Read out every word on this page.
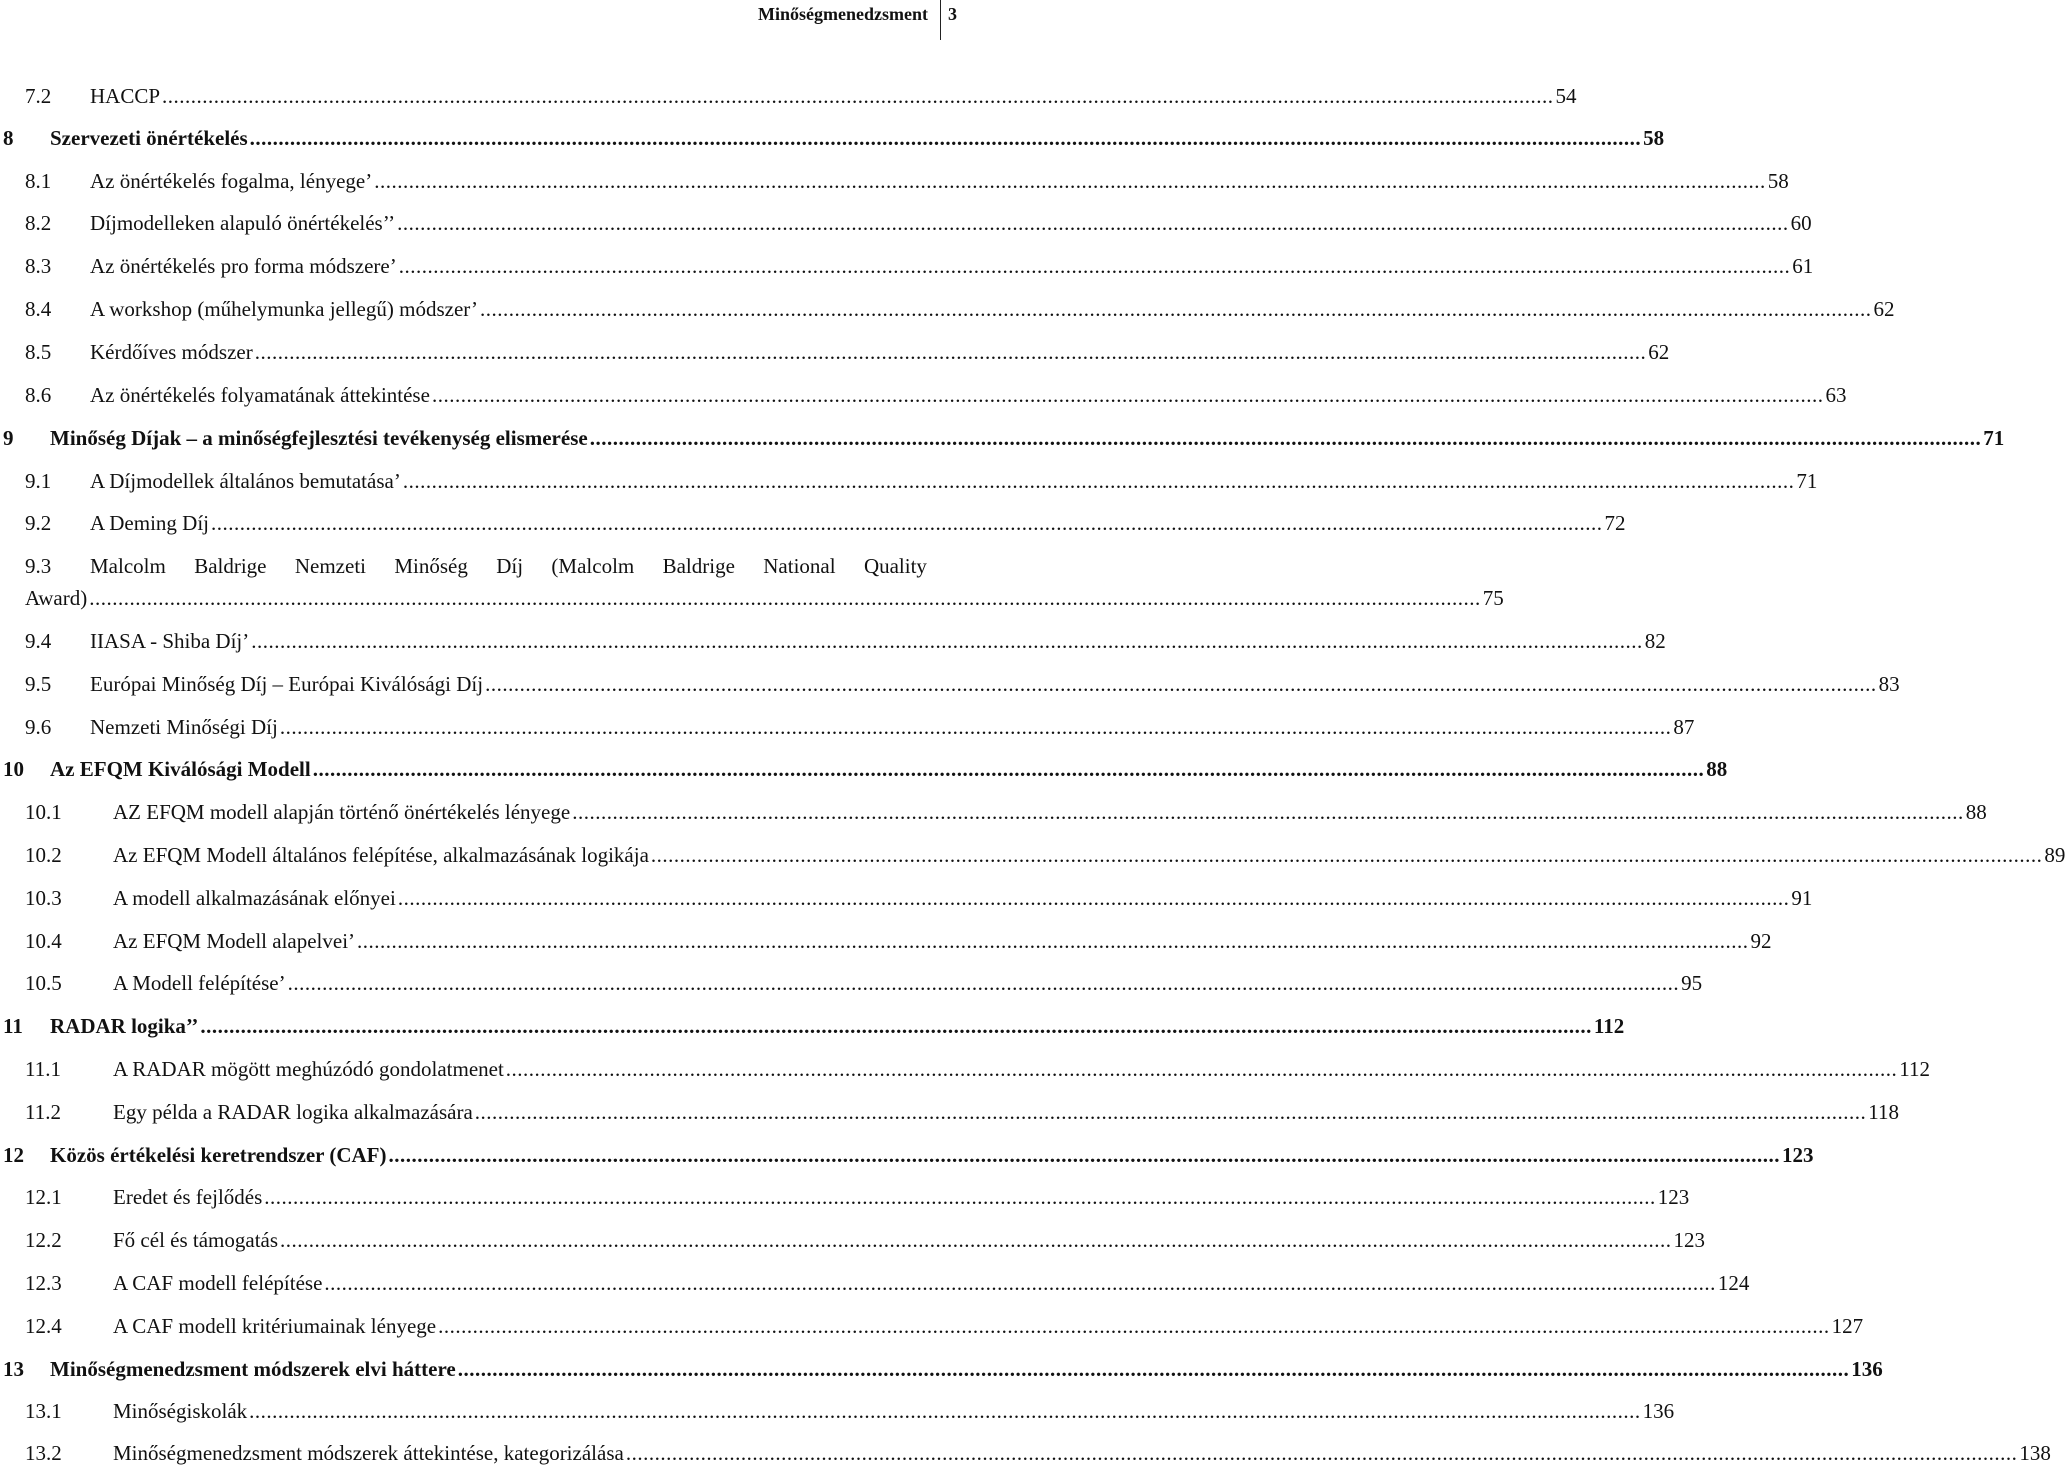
Minőségmenedzsment 3
7.2 HACCP .................................................................................................................................................................................................................................................. 54
8 Szervezeti önértékelés .................................................................................................................................................................................................................................................. 58
8.1 Az önértékelés fogalma, lényege’ .................................................................................................................................................................................................................................................. 58
8.2 Díjmodelleken alapuló önértékelés’’ .................................................................................................................................................................................................................................................. 60
8.3 Az önértékelés pro forma módszere’ .................................................................................................................................................................................................................................................. 61
8.4 A workshop (műhelymunka jellegű) módszer’ .................................................................................................................................................................................................................................................. 62
8.5 Kérdőíves módszer .................................................................................................................................................................................................................................................. 62
8.6 Az önértékelés folyamatának áttekintése .................................................................................................................................................................................................................................................. 63
9 Minőség Díjak – a minőségfejlesztési tevékenység elismerése .................................................................................................................................................................................................................................................. 71
9.1 A Díjmodellek általános bemutatása’ .................................................................................................................................................................................................................................................. 71
9.2 A Deming Díj .................................................................................................................................................................................................................................................. 72
9.3 Malcolm Baldrige Nemzeti Minőség Díj (Malcolm Baldrige National Quality
Award) .................................................................................................................................................................................................................................................. 75
9.4 IIASA - Shiba Díj’ .................................................................................................................................................................................................................................................. 82
9.5 Európai Minőség Díj – Európai Kiválósági Díj .................................................................................................................................................................................................................................................. 83
9.6 Nemzeti Minőségi Díj .................................................................................................................................................................................................................................................. 87
10 Az EFQM Kiválósági Modell .................................................................................................................................................................................................................................................. 88
10.1 AZ EFQM modell alapján történő önértékelés lényege .................................................................................................................................................................................................................................................. 88
10.2 Az EFQM Modell általános felépítése, alkalmazásának logikája .................................................................................................................................................................................................................................................. 89
10.3 A modell alkalmazásának előnyei .................................................................................................................................................................................................................................................. 91
10.4 Az EFQM Modell alapelvei’ .................................................................................................................................................................................................................................................. 92
10.5 A Modell felépítése’ .................................................................................................................................................................................................................................................. 95
11 RADAR logika’’ .................................................................................................................................................................................................................................................. 112
11.1 A RADAR mögött meghúzódó gondolatmenet .................................................................................................................................................................................................................................................. 112
11.2 Egy példa a RADAR logika alkalmazására .................................................................................................................................................................................................................................................. 118
12 Közös értékelési keretrendszer (CAF) .................................................................................................................................................................................................................................................. 123
12.1 Eredet és fejlődés .................................................................................................................................................................................................................................................. 123
12.2 Fő cél és támogatás .................................................................................................................................................................................................................................................. 123
12.3 A CAF modell felépítése .................................................................................................................................................................................................................................................. 124
12.4 A CAF modell kritériumainak lényege .................................................................................................................................................................................................................................................. 127
13 Minőségmenedzsment módszerek elvi háttere .................................................................................................................................................................................................................................................. 136
13.1 Minőségiskolák .................................................................................................................................................................................................................................................. 136
13.2 Minőségmenedzsment módszerek áttekintése, kategorizálása .................................................................................................................................................................................................................................................. 138
